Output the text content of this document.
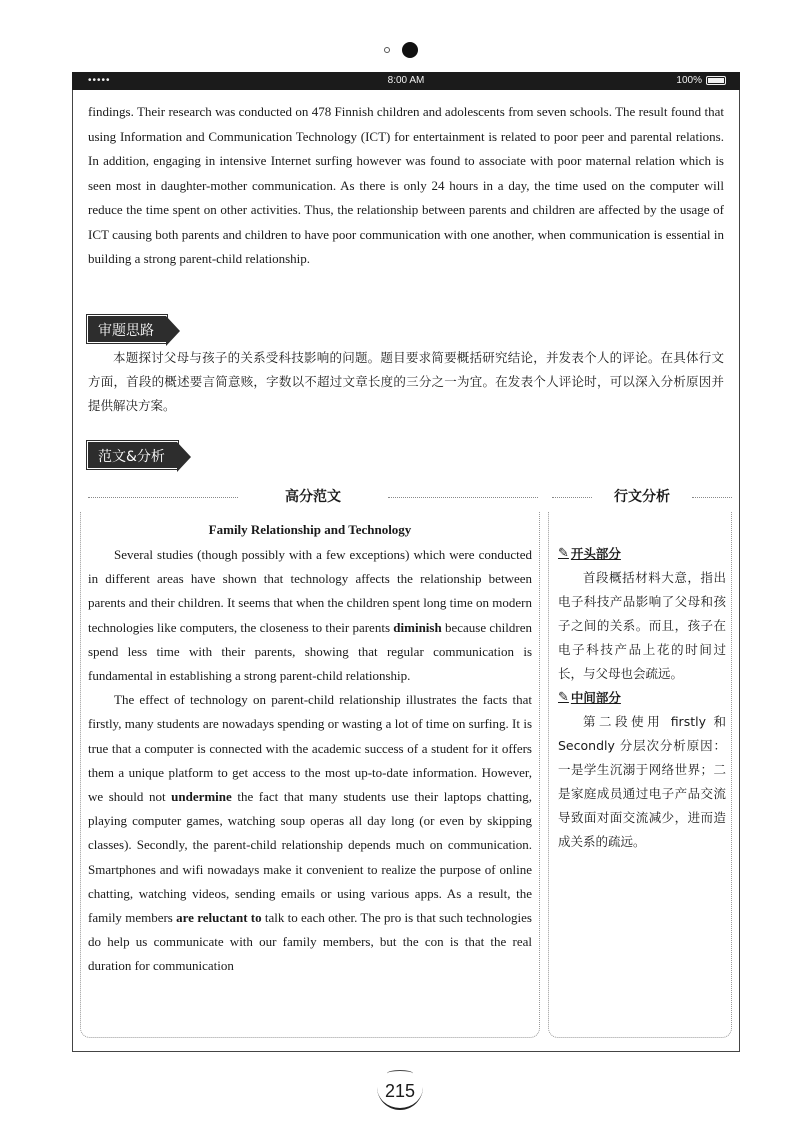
•••••	8:00 AM	100%
findings. Their research was conducted on 478 Finnish children and adolescents from seven schools. The result found that using Information and Communication Technology (ICT) for entertainment is related to poor peer and parental relations. In addition, engaging in intensive Internet surfing however was found to associate with poor maternal relation which is seen most in daughter-mother communication. As there is only 24 hours in a day, the time used on the computer will reduce the time spent on other activities. Thus, the relationship between parents and children are affected by the usage of ICT causing both parents and children to have poor communication with one another, when communication is essential in building a strong parent-child relationship.
审题思路
本题探讨父母与孩子的关系受科技影响的问题。题目要求简要概括研究结论，并发表个人的评论。在具体行文方面，首段的概述要言简意赅，字数以不超过文章长度的三分之一为宜。在发表个人评论时，可以深入分析原因并提供解决方案。
范文&分析
高分范文	行文分析
Family Relationship and Technology

Several studies (though possibly with a few exceptions) which were conducted in different areas have shown that technology affects the relationship between parents and their children. It seems that when the children spent long time on modern technologies like computers, the closeness to their parents diminish because children spend less time with their parents, showing that regular communication is fundamental in establishing a strong parent-child relationship.

The effect of technology on parent-child relationship illustrates the facts that firstly, many students are nowadays spending or wasting a lot of time on surfing. It is true that a computer is connected with the academic success of a student for it offers them a unique platform to get access to the most up-to-date information. However, we should not undermine the fact that many students use their laptops chatting, playing computer games, watching soup operas all day long (or even by skipping classes). Secondly, the parent-child relationship depends much on communication. Smartphones and wifi nowadays make it convenient to realize the purpose of online chatting, watching videos, sending emails or using various apps. As a result, the family members are reluctant to talk to each other. The pro is that such technologies do help us communicate with our family members, but the con is that the real duration for communication

✎ 开头部分

首段概括材料大意，指出电子科技产品影响了父母和孩子之间的关系。而且，孩子在电子科技产品上花的时间过长，与父母也会疏远。

✎ 中间部分

第二段使用 firstly 和 Secondly 分层次分析原因：一是学生沉溺于网络世界；二是家庭成员通过电子产品交流导致面对面交流减少，进而造成关系的疏远。

215
